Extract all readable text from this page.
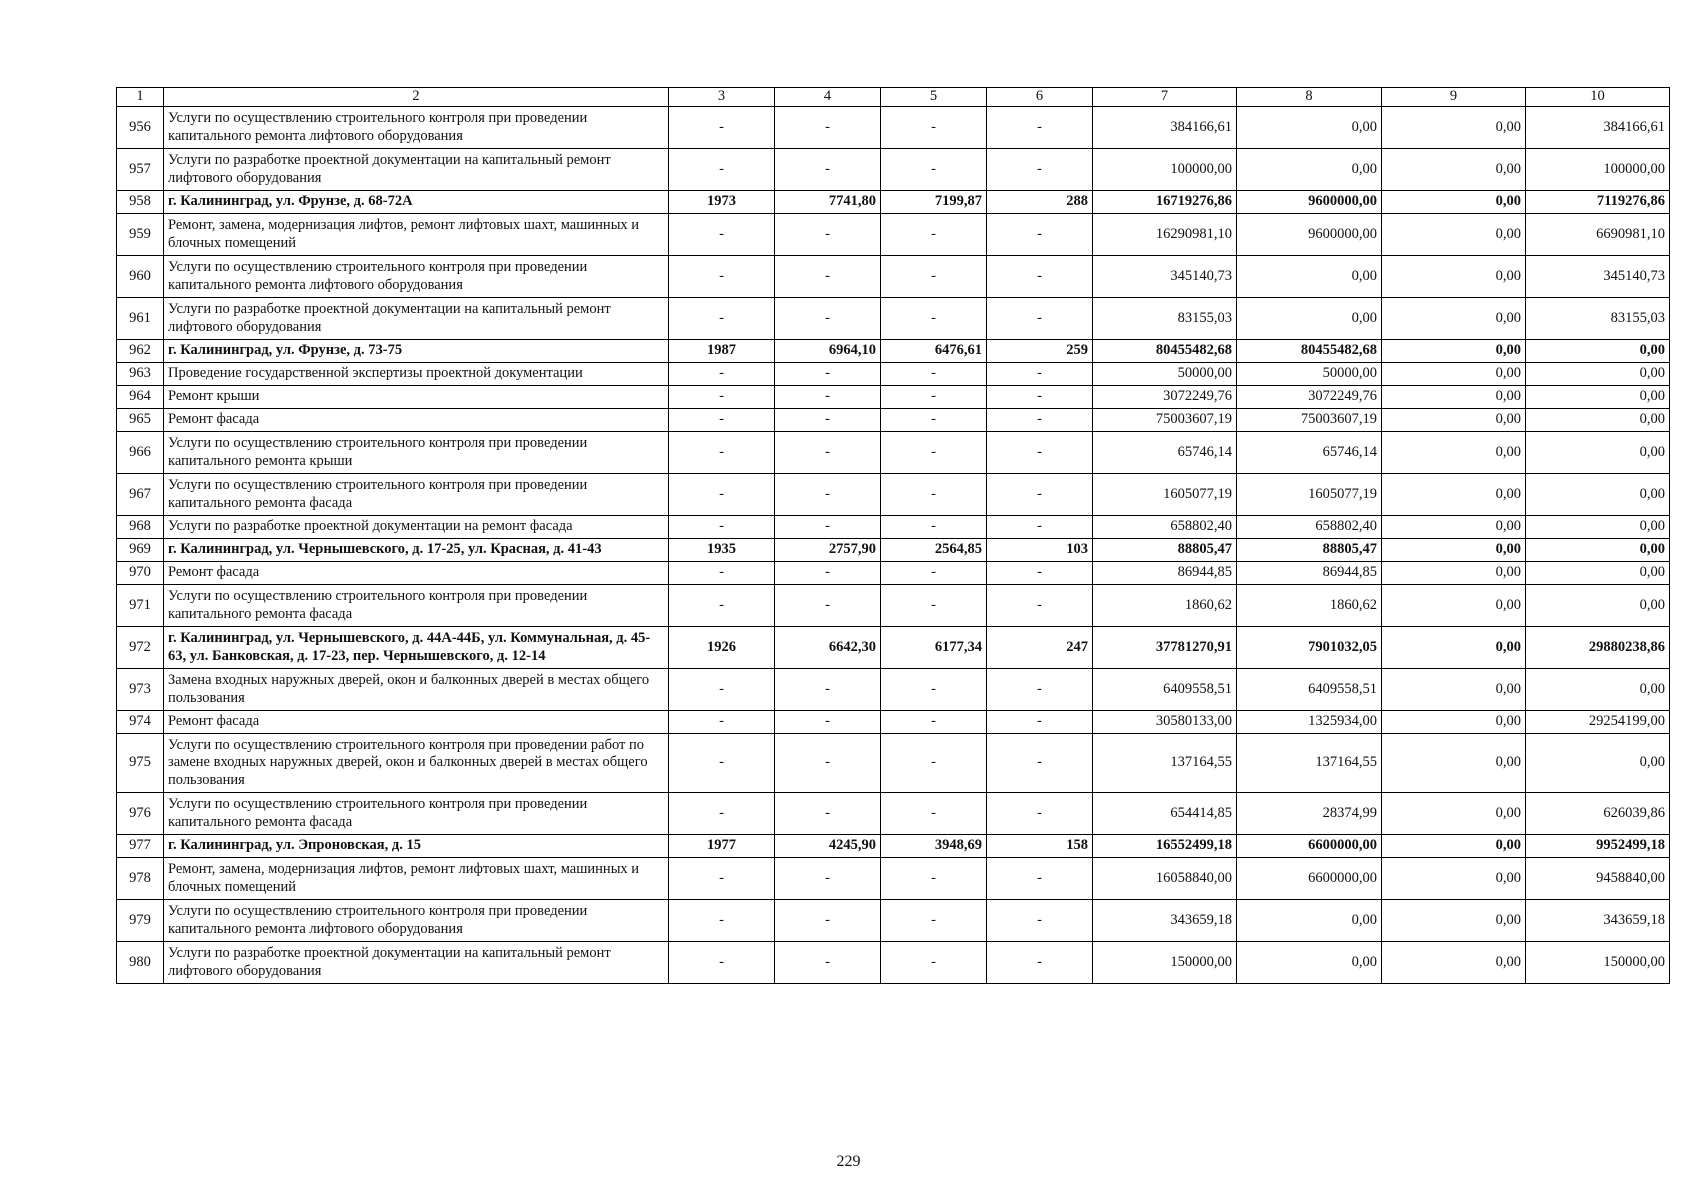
1	2	3	4	5	6	7	8	9	10
956	Услуги по осуществлению строительного контроля при проведении капитального ремонта лифтового оборудования	-	-	-	-	384166,61	0,00	0,00	384166,61
957	Услуги по разработке проектной документации на капитальный ремонт лифтового оборудования	-	-	-	-	100000,00	0,00	0,00	100000,00
958	г. Калининград, ул. Фрунзе, д. 68-72А	1973	7741,80	7199,87	288	16719276,86	9600000,00	0,00	7119276,86
959	Ремонт, замена, модернизация лифтов, ремонт лифтовых шахт, машинных и блочных помещений	-	-	-	-	16290981,10	9600000,00	0,00	6690981,10
960	Услуги по осуществлению строительного контроля при проведении капитального ремонта лифтового оборудования	-	-	-	-	345140,73	0,00	0,00	345140,73
961	Услуги по разработке проектной документации на капитальный ремонт лифтового оборудования	-	-	-	-	83155,03	0,00	0,00	83155,03
962	г. Калининград, ул. Фрунзе, д. 73-75	1987	6964,10	6476,61	259	80455482,68	80455482,68	0,00	0,00
963	Проведение государственной экспертизы проектной документации	-	-	-	-	50000,00	50000,00	0,00	0,00
964	Ремонт крыши	-	-	-	-	3072249,76	3072249,76	0,00	0,00
965	Ремонт фасада	-	-	-	-	75003607,19	75003607,19	0,00	0,00
966	Услуги по осуществлению строительного контроля при проведении капитального ремонта крыши	-	-	-	-	65746,14	65746,14	0,00	0,00
967	Услуги по осуществлению строительного контроля при проведении капитального ремонта фасада	-	-	-	-	1605077,19	1605077,19	0,00	0,00
968	Услуги по разработке проектной документации на ремонт фасада	-	-	-	-	658802,40	658802,40	0,00	0,00
969	г. Калининград, ул. Чернышевского, д. 17-25, ул. Красная, д. 41-43	1935	2757,90	2564,85	103	88805,47	88805,47	0,00	0,00
970	Ремонт фасада	-	-	-	-	86944,85	86944,85	0,00	0,00
971	Услуги по осуществлению строительного контроля при проведении капитального ремонта фасада	-	-	-	-	1860,62	1860,62	0,00	0,00
972	г. Калининград, ул. Чернышевского, д. 44А-44Б, ул. Коммунальная, д. 45-63, ул. Банковская, д. 17-23, пер. Чернышевского, д. 12-14	1926	6642,30	6177,34	247	37781270,91	7901032,05	0,00	29880238,86
973	Замена входных наружных дверей, окон и балконных дверей в местах общего пользования	-	-	-	-	6409558,51	6409558,51	0,00	0,00
974	Ремонт фасада	-	-	-	-	30580133,00	1325934,00	0,00	29254199,00
975	Услуги по осуществлению строительного контроля при проведении работ по замене входных наружных дверей, окон и балконных дверей в местах общего пользования	-	-	-	-	137164,55	137164,55	0,00	0,00
976	Услуги по осуществлению строительного контроля при проведении капитального ремонта фасада	-	-	-	-	654414,85	28374,99	0,00	626039,86
977	г. Калининград, ул. Эпроновская, д. 15	1977	4245,90	3948,69	158	16552499,18	6600000,00	0,00	9952499,18
978	Ремонт, замена, модернизация лифтов, ремонт лифтовых шахт, машинных и блочных помещений	-	-	-	-	16058840,00	6600000,00	0,00	9458840,00
979	Услуги по осуществлению строительного контроля при проведении капитального ремонта лифтового оборудования	-	-	-	-	343659,18	0,00	0,00	343659,18
980	Услуги по разработке проектной документации на капитальный ремонт лифтового оборудования	-	-	-	-	150000,00	0,00	0,00	150000,00
229
